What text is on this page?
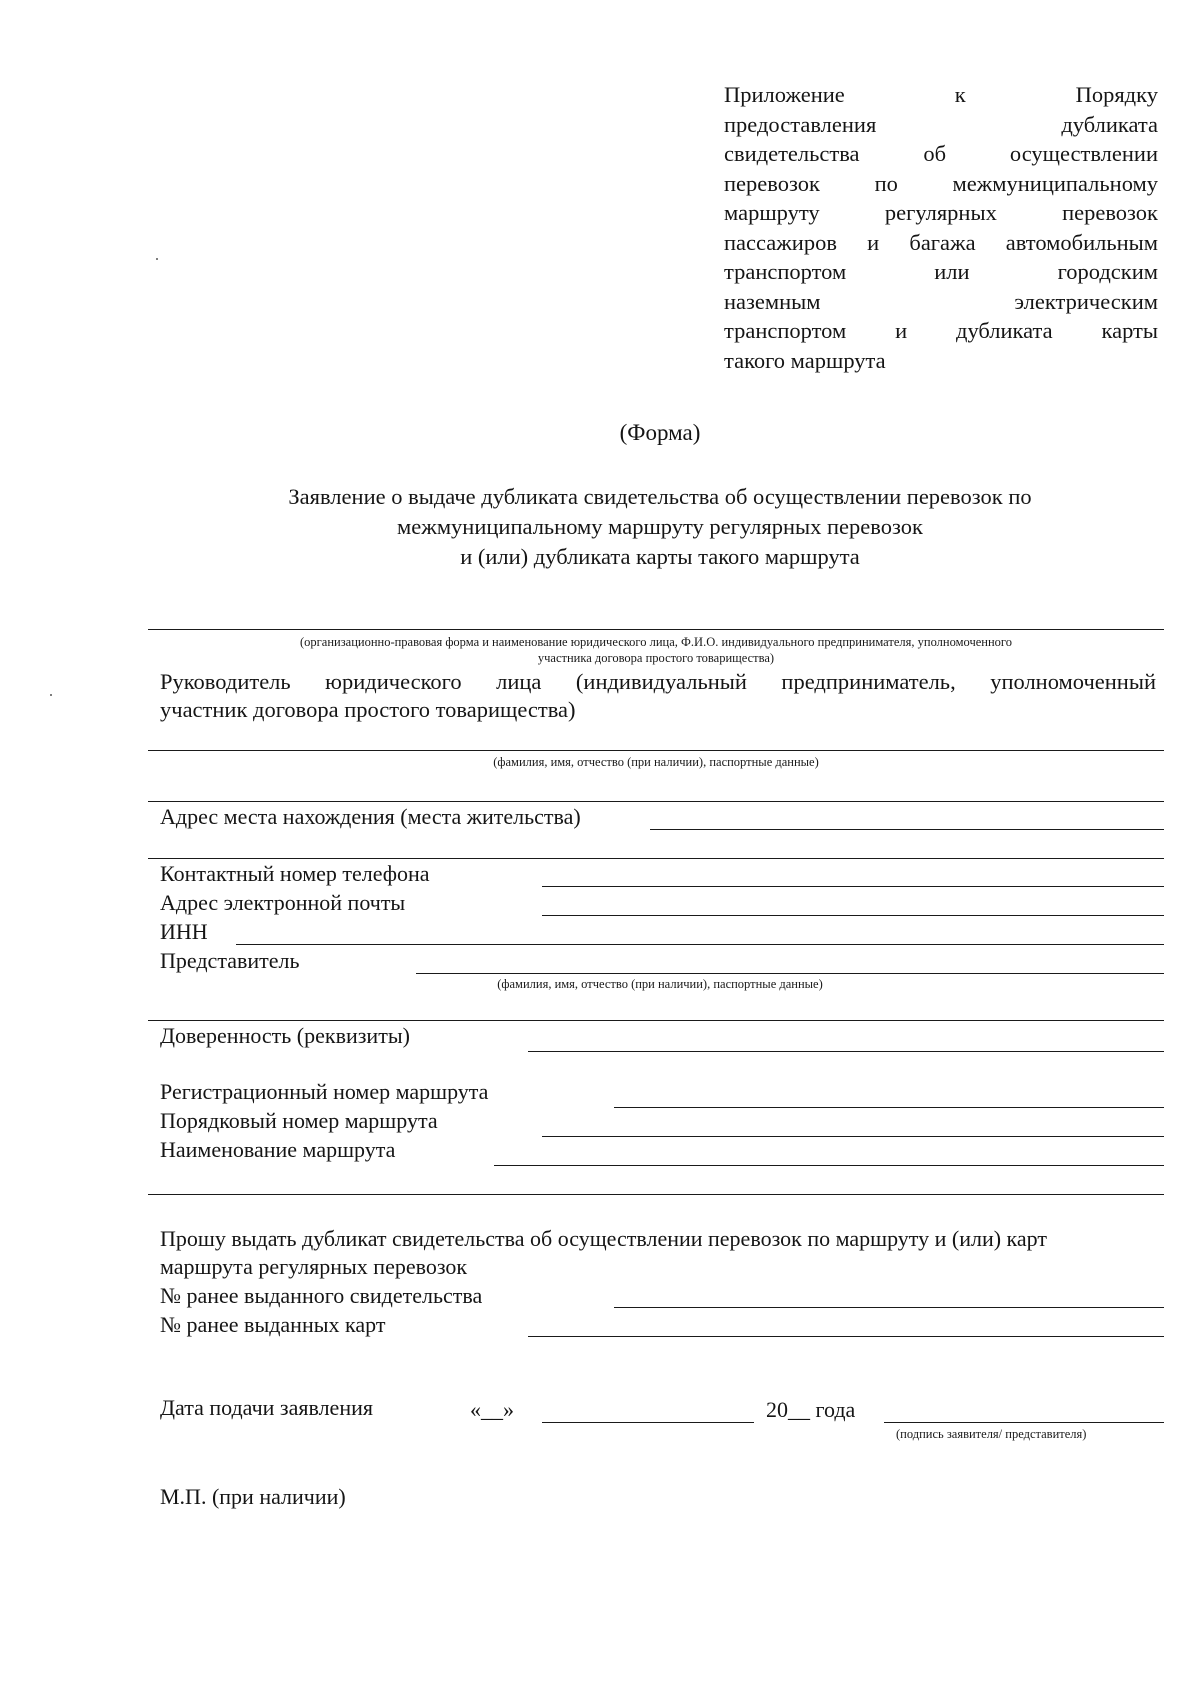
Приложение к Порядку
предоставления дубликата
свидетельства об осуществлении
перевозок по межмуниципальному
маршруту регулярных перевозок
пассажиров и багажа автомобильным
транспортом или городским
наземным электрическим
транспортом и дубликата карты
такого маршрута
(Форма)
Заявление о выдаче дубликата свидетельства об осуществлении перевозок по
межмуниципальному маршруту регулярных перевозок
и (или) дубликата карты такого маршрута
(организационно-правовая форма и наименование юридического лица, Ф.И.О. индивидуального предпринимателя, уполномоченного
участника договора простого товарищества)
Руководитель юридического лица (индивидуальный предприниматель, уполномоченный
участник договора простого товарищества)
(фамилия, имя, отчество (при наличии), паспортные данные)
Адрес места нахождения (места жительства)
Контактный номер телефона
Адрес электронной почты
ИНН
Представитель
(фамилия, имя, отчество (при наличии), паспортные данные)
Доверенность (реквизиты)
Регистрационный номер маршрута
Порядковый номер маршрута
Наименование маршрута
Прошу выдать дубликат свидетельства об осуществлении перевозок по маршруту и (или) карт
маршрута регулярных перевозок
№ ранее выданного свидетельства
№ ранее выданных карт
Дата подачи заявления	«__»	20__ года
(подпись заявителя/ представителя)
М.П. (при наличии)
